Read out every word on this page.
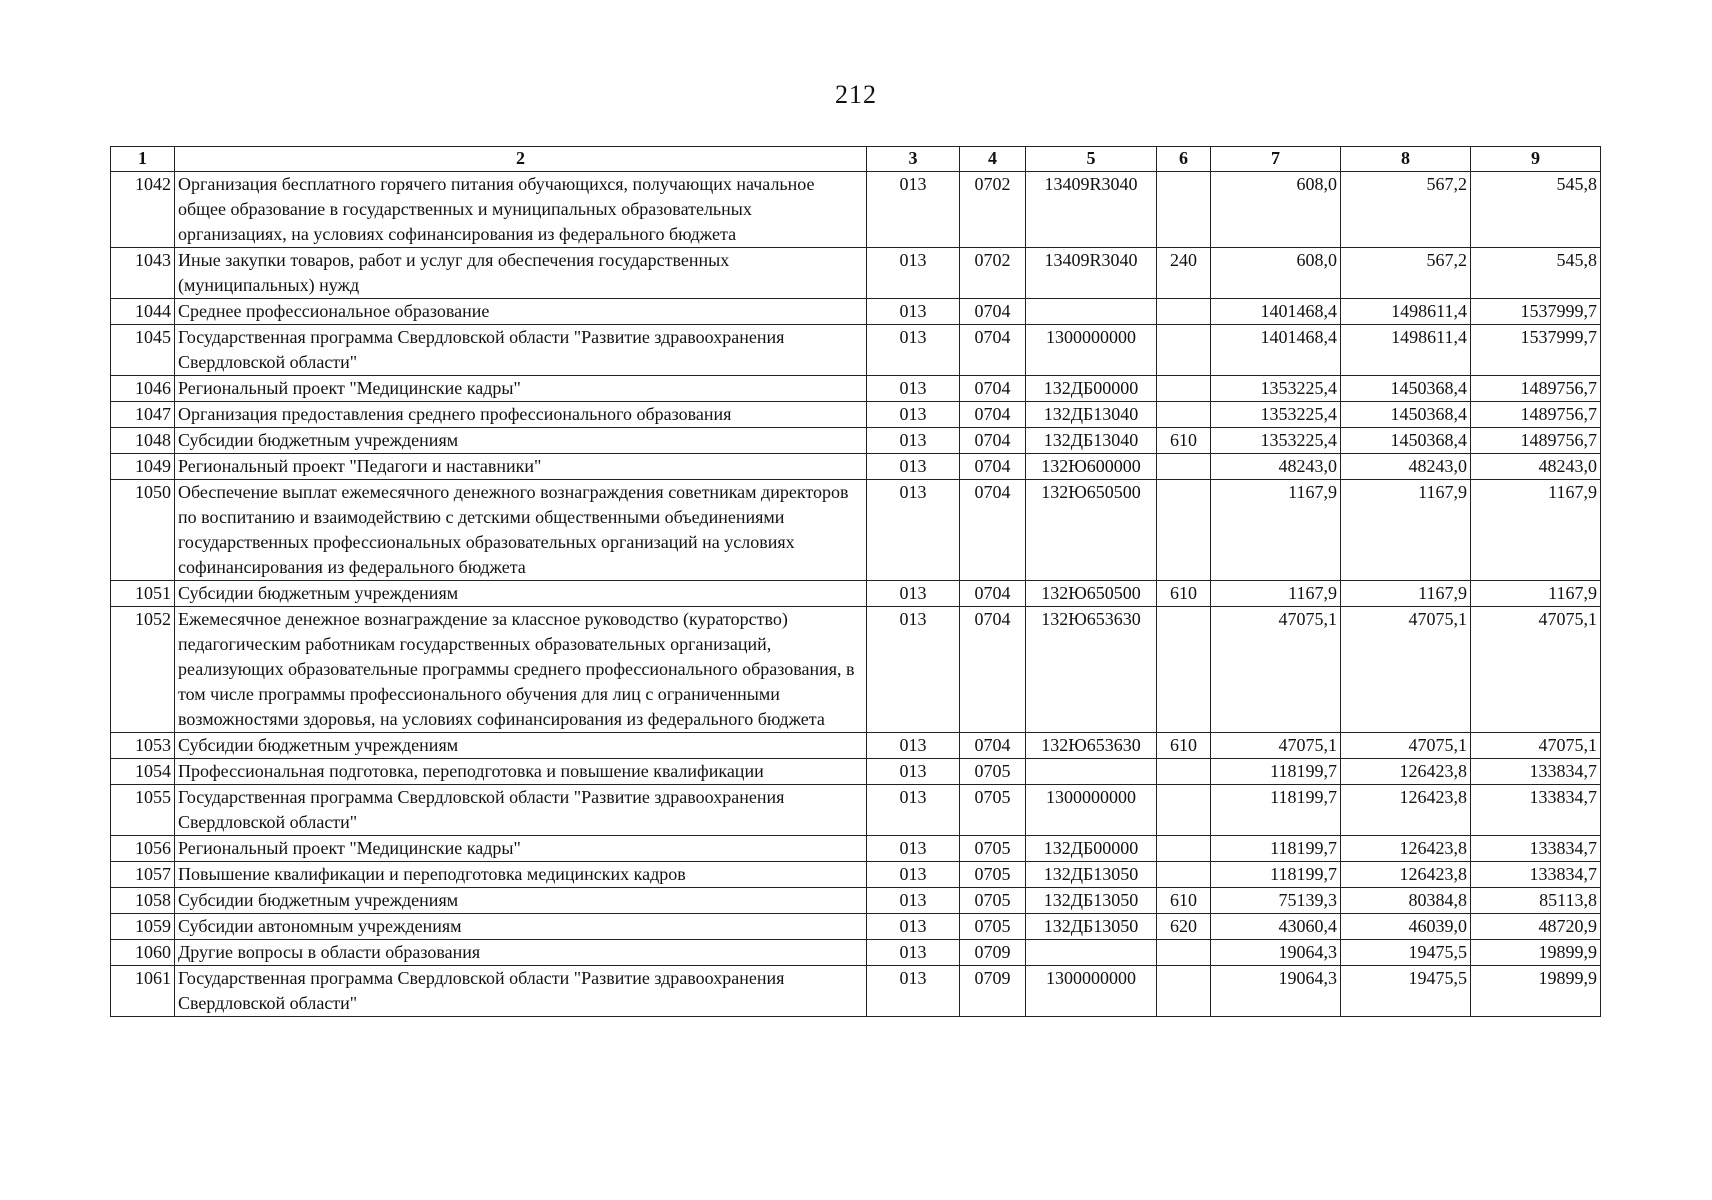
212
1	2	3	4	5	6	7	8	9
1042	Организация бесплатного горячего питания обучающихся, получающих начальное общее образование в государственных и муниципальных образовательных организациях, на условиях софинансирования из федерального бюджета	013	0702	13409R3040		608,0	567,2	545,8
1043	Иные закупки товаров, работ и услуг для обеспечения государственных (муниципальных) нужд	013	0702	13409R3040	240	608,0	567,2	545,8
1044	Среднее профессиональное образование	013	0704			1401468,4	1498611,4	1537999,7
1045	Государственная программа Свердловской области "Развитие здравоохранения Свердловской области"	013	0704	1300000000		1401468,4	1498611,4	1537999,7
1046	Региональный проект "Медицинские кадры"	013	0704	132ДБ00000		1353225,4	1450368,4	1489756,7
1047	Организация предоставления среднего профессионального образования	013	0704	132ДБ13040		1353225,4	1450368,4	1489756,7
1048	Субсидии бюджетным учреждениям	013	0704	132ДБ13040	610	1353225,4	1450368,4	1489756,7
1049	Региональный проект "Педагоги и наставники"	013	0704	132Ю600000		48243,0	48243,0	48243,0
1050	Обеспечение выплат ежемесячного денежного вознаграждения советникам директоров по воспитанию и взаимодействию с детскими общественными объединениями государственных профессиональных образовательных организаций на условиях софинансирования из федерального бюджета	013	0704	132Ю650500		1167,9	1167,9	1167,9
1051	Субсидии бюджетным учреждениям	013	0704	132Ю650500	610	1167,9	1167,9	1167,9
1052	Ежемесячное денежное вознаграждение за классное руководство (кураторство) педагогическим работникам государственных образовательных организаций, реализующих образовательные программы среднего профессионального образования, в том числе программы профессионального обучения для лиц с ограниченными возможностями здоровья, на условиях софинансирования из федерального бюджета	013	0704	132Ю653630		47075,1	47075,1	47075,1
1053	Субсидии бюджетным учреждениям	013	0704	132Ю653630	610	47075,1	47075,1	47075,1
1054	Профессиональная подготовка, переподготовка и повышение квалификации	013	0705			118199,7	126423,8	133834,7
1055	Государственная программа Свердловской области "Развитие здравоохранения Свердловской области"	013	0705	1300000000		118199,7	126423,8	133834,7
1056	Региональный проект "Медицинские кадры"	013	0705	132ДБ00000		118199,7	126423,8	133834,7
1057	Повышение квалификации и переподготовка медицинских кадров	013	0705	132ДБ13050		118199,7	126423,8	133834,7
1058	Субсидии бюджетным учреждениям	013	0705	132ДБ13050	610	75139,3	80384,8	85113,8
1059	Субсидии автономным учреждениям	013	0705	132ДБ13050	620	43060,4	46039,0	48720,9
1060	Другие вопросы в области образования	013	0709			19064,3	19475,5	19899,9
1061	Государственная программа Свердловской области "Развитие здравоохранения Свердловской области"	013	0709	1300000000		19064,3	19475,5	19899,9
